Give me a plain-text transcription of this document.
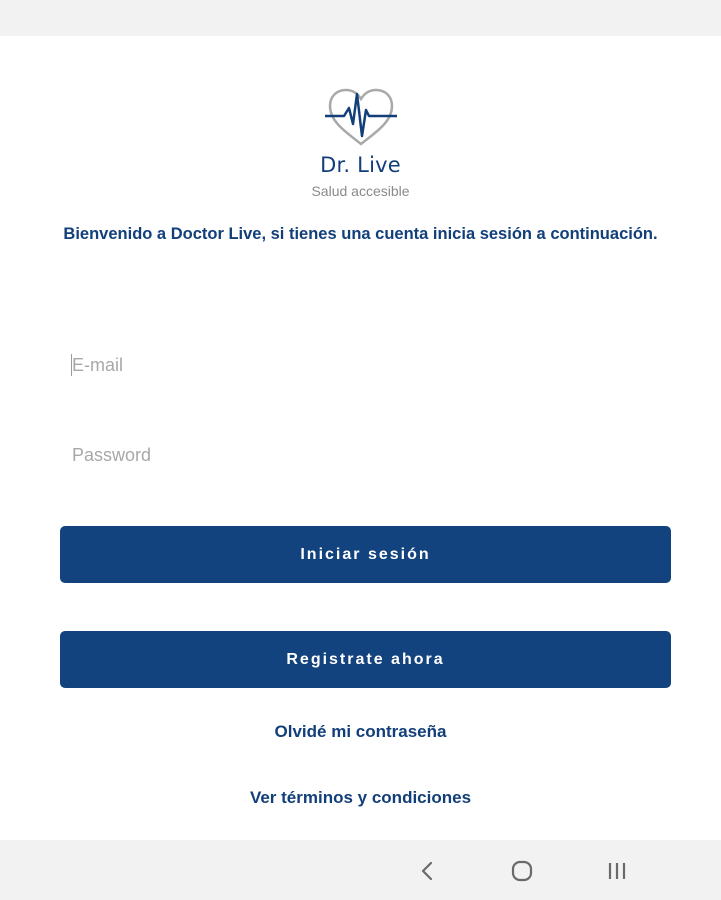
Dr. Live
Salud accesible
Bienvenido a Doctor Live, si tienes una cuenta inicia sesión a continuación.
E-mail
Iniciar sesión
Registrate ahora
Olvidé mi contraseña
Ver términos y condiciones
